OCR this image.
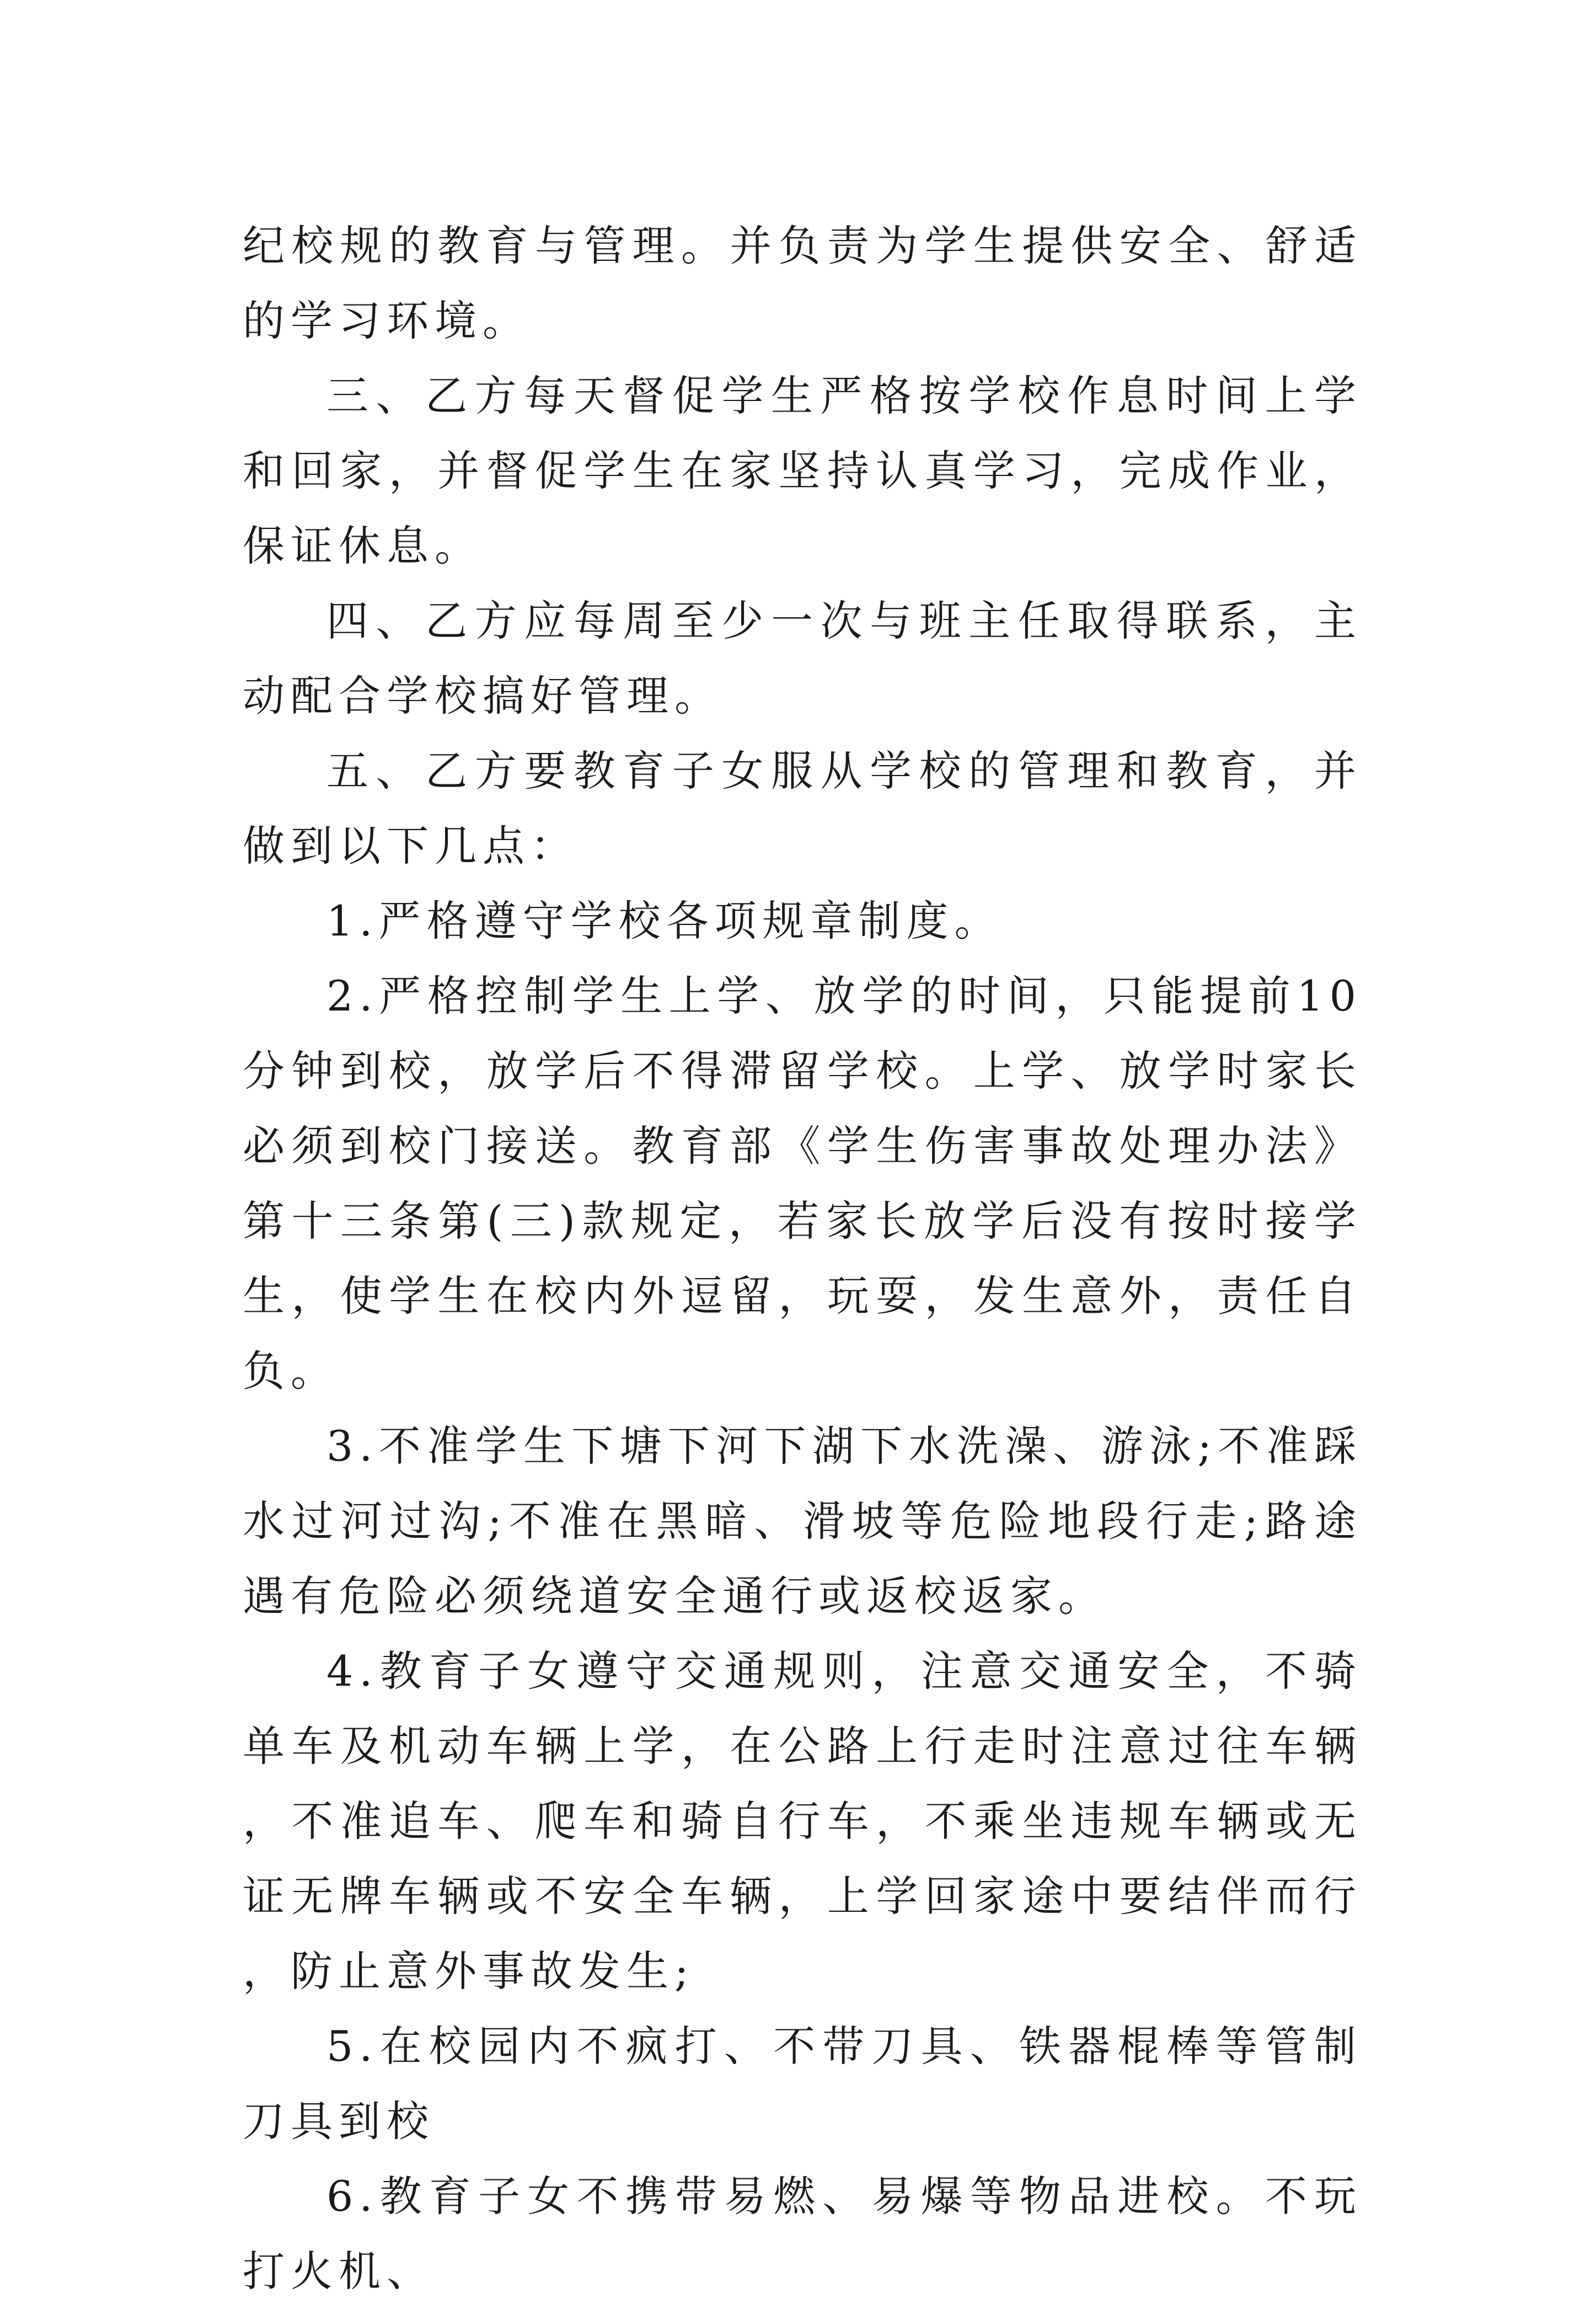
纪校规的教育与管理。并负责为学生提供安全、舒适的学习环境。

三、乙方每天督促学生严格按学校作息时间上学和回家，并督促学生在家坚持认真学习，完成作业，保证休息。

四、乙方应每周至少一次与班主任取得联系，主动配合学校搞好管理。

五、乙方要教育子女服从学校的管理和教育，并做到以下几点：

1.严格遵守学校各项规章制度。

2.严格控制学生上学、放学的时间，只能提前10分钟到校，放学后不得滞留学校。上学、放学时家长必须到校门接送。教育部《学生伤害事故处理办法》第十三条第(三)款规定，若家长放学后没有按时接学生，使学生在校内外逗留，玩耍，发生意外，责任自负。

3.不准学生下塘下河下湖下水洗澡、游泳;不准踩水过河过沟;不准在黑暗、滑坡等危险地段行走;路途遇有危险必须绕道安全通行或返校返家。

4.教育子女遵守交通规则，注意交通安全，不骑单车及机动车辆上学，在公路上行走时注意过往车辆，不准追车、爬车和骑自行车，不乘坐违规车辆或无证无牌车辆或不安全车辆，上学回家途中要结伴而行，防止意外事故发生;

5.在校园内不疯打、不带刀具、铁器棍棒等管制刀具到校

6.教育子女不携带易燃、易爆等物品进校。不玩打火机、
